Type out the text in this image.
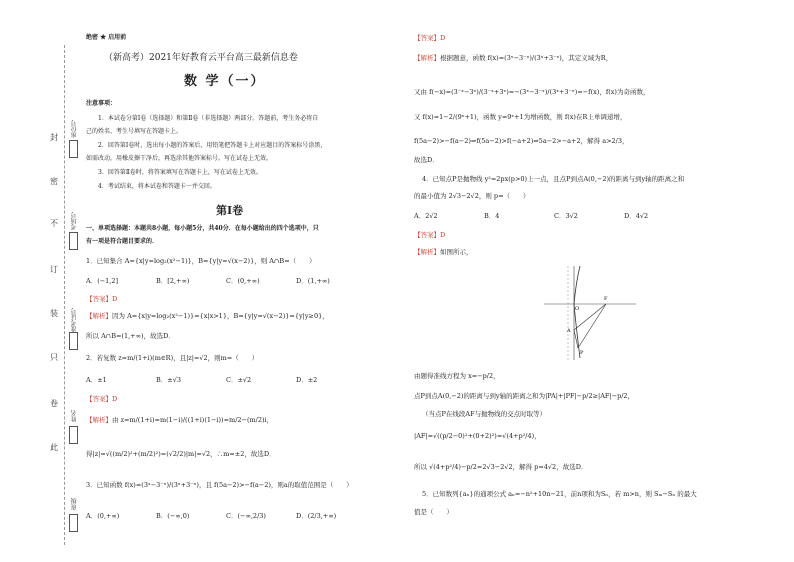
封
密
不
订
装
只
卷
此
座位号
考场号
准考证号
姓名
班级
绝密 ★ 启用前
（新高考）2021年好教育云平台高三最新信息卷
数 学（一）
注意事项：
1．本试卷分第Ⅰ卷（选择题）和第Ⅱ卷（非选择题）两部分。答题前，考生务必将自
己的姓名、考生号填写在答题卡上。
2．回答第Ⅰ卷时，选出每小题的答案后，用铅笔把答题卡上对应题目的答案标号涂黑，
如需改动，用橡皮擦干净后，再选涂其他答案标号。写在试卷上无效。
3．回答第Ⅱ卷时，将答案填写在答题卡上，写在试卷上无效。
4．考试结束，将本试卷和答题卡一并交回。
第Ⅰ卷
一、单项选择题：本题共8小题，每小题5分，共40分．在每小题给出的四个选项中，只
有一项是符合题目要求的．
1．已知集合 A={x|y=log₂(x²−1)}，B={y|y=√(x−2)}，则 A∩B=（　　）
A．(−1,2]	B．[2,+∞)	C．(0,+∞)	D．(1,+∞)
【答案】D
【解析】因为 A={x|y=log₂(x²−1)}={x|x>1}，B={y|y=√(x−2)}={y|y≥0}，
所以 A∩B=(1,+∞)，故选D．
2．若复数 z=m/(1+i)(m∈R)，且|z|=√2，则m=（　　）
A．±1	B．±√3	C．±√2	D．±2
【答案】D
【解析】由 z=m/(1+i)=m(1−i)/((1+i)(1−i))=m/2−(m/2)i，
得|z|=√((m/2)²+(m/2)²)=(√2/2)|m|=√2，∴m=±2，故选D．
3．已知函数 f(x)=(3ˣ−3⁻ˣ)/(3ˣ+3⁻ˣ)，且 f(5a−2)>−f(a−2)，则a的取值范围是（　　）
A．(0,+∞)	B．(−∞,0)	C．(−∞,2/3)	D．(2/3,+∞)
【答案】D
【解析】根据题意，函数 f(x)=(3ˣ−3⁻ˣ)/(3ˣ+3⁻ˣ)，其定义域为R，
又由 f(−x)=(3⁻ˣ−3ˣ)/(3⁻ˣ+3ˣ)=−(3ˣ−3⁻ˣ)/(3ˣ+3⁻ˣ)=−f(x)，f(x)为奇函数，
又 f(x)=1−2/(9ˣ+1)，函数 y=9ˣ+1为增函数，则 f(x)在R上单调递增，
f(5a−2)>−f(a−2)⇒f(5a−2)>f(−a+2)⇒5a−2>−a+2，解得 a>2/3，
故选D．
4．已知点P是抛物线 y²=2px(p>0)上一点，且点P到点A(0,−2)的距离与到y轴的距离之和
的最小值为 2√3−2√2，则 p=（　　）
A．2√2	B．4	C．3√2	D．4√2
【答案】D
【解析】如图所示，
F
A
P
O
由题得准线方程为 x=−p/2，
点P到点A(0,−2)的距离与到y轴的距离之和为|PA|+|PF|−p/2≥|AF|−p/2，
（当点P在线段AF与抛物线的交点时取等）
|AF|=√((p/2−0)²+(0+2)²)=√(4+p²/4)，
所以 √(4+p²/4)−p/2=2√3−2√2，解得 p=4√2，故选D．
5．已知数列{aₙ}的通项公式 aₙ=−n²+10n−21，前n项和为Sₙ，若 m>n，则 Sₘ−Sₙ 的最大
值是（　　）
